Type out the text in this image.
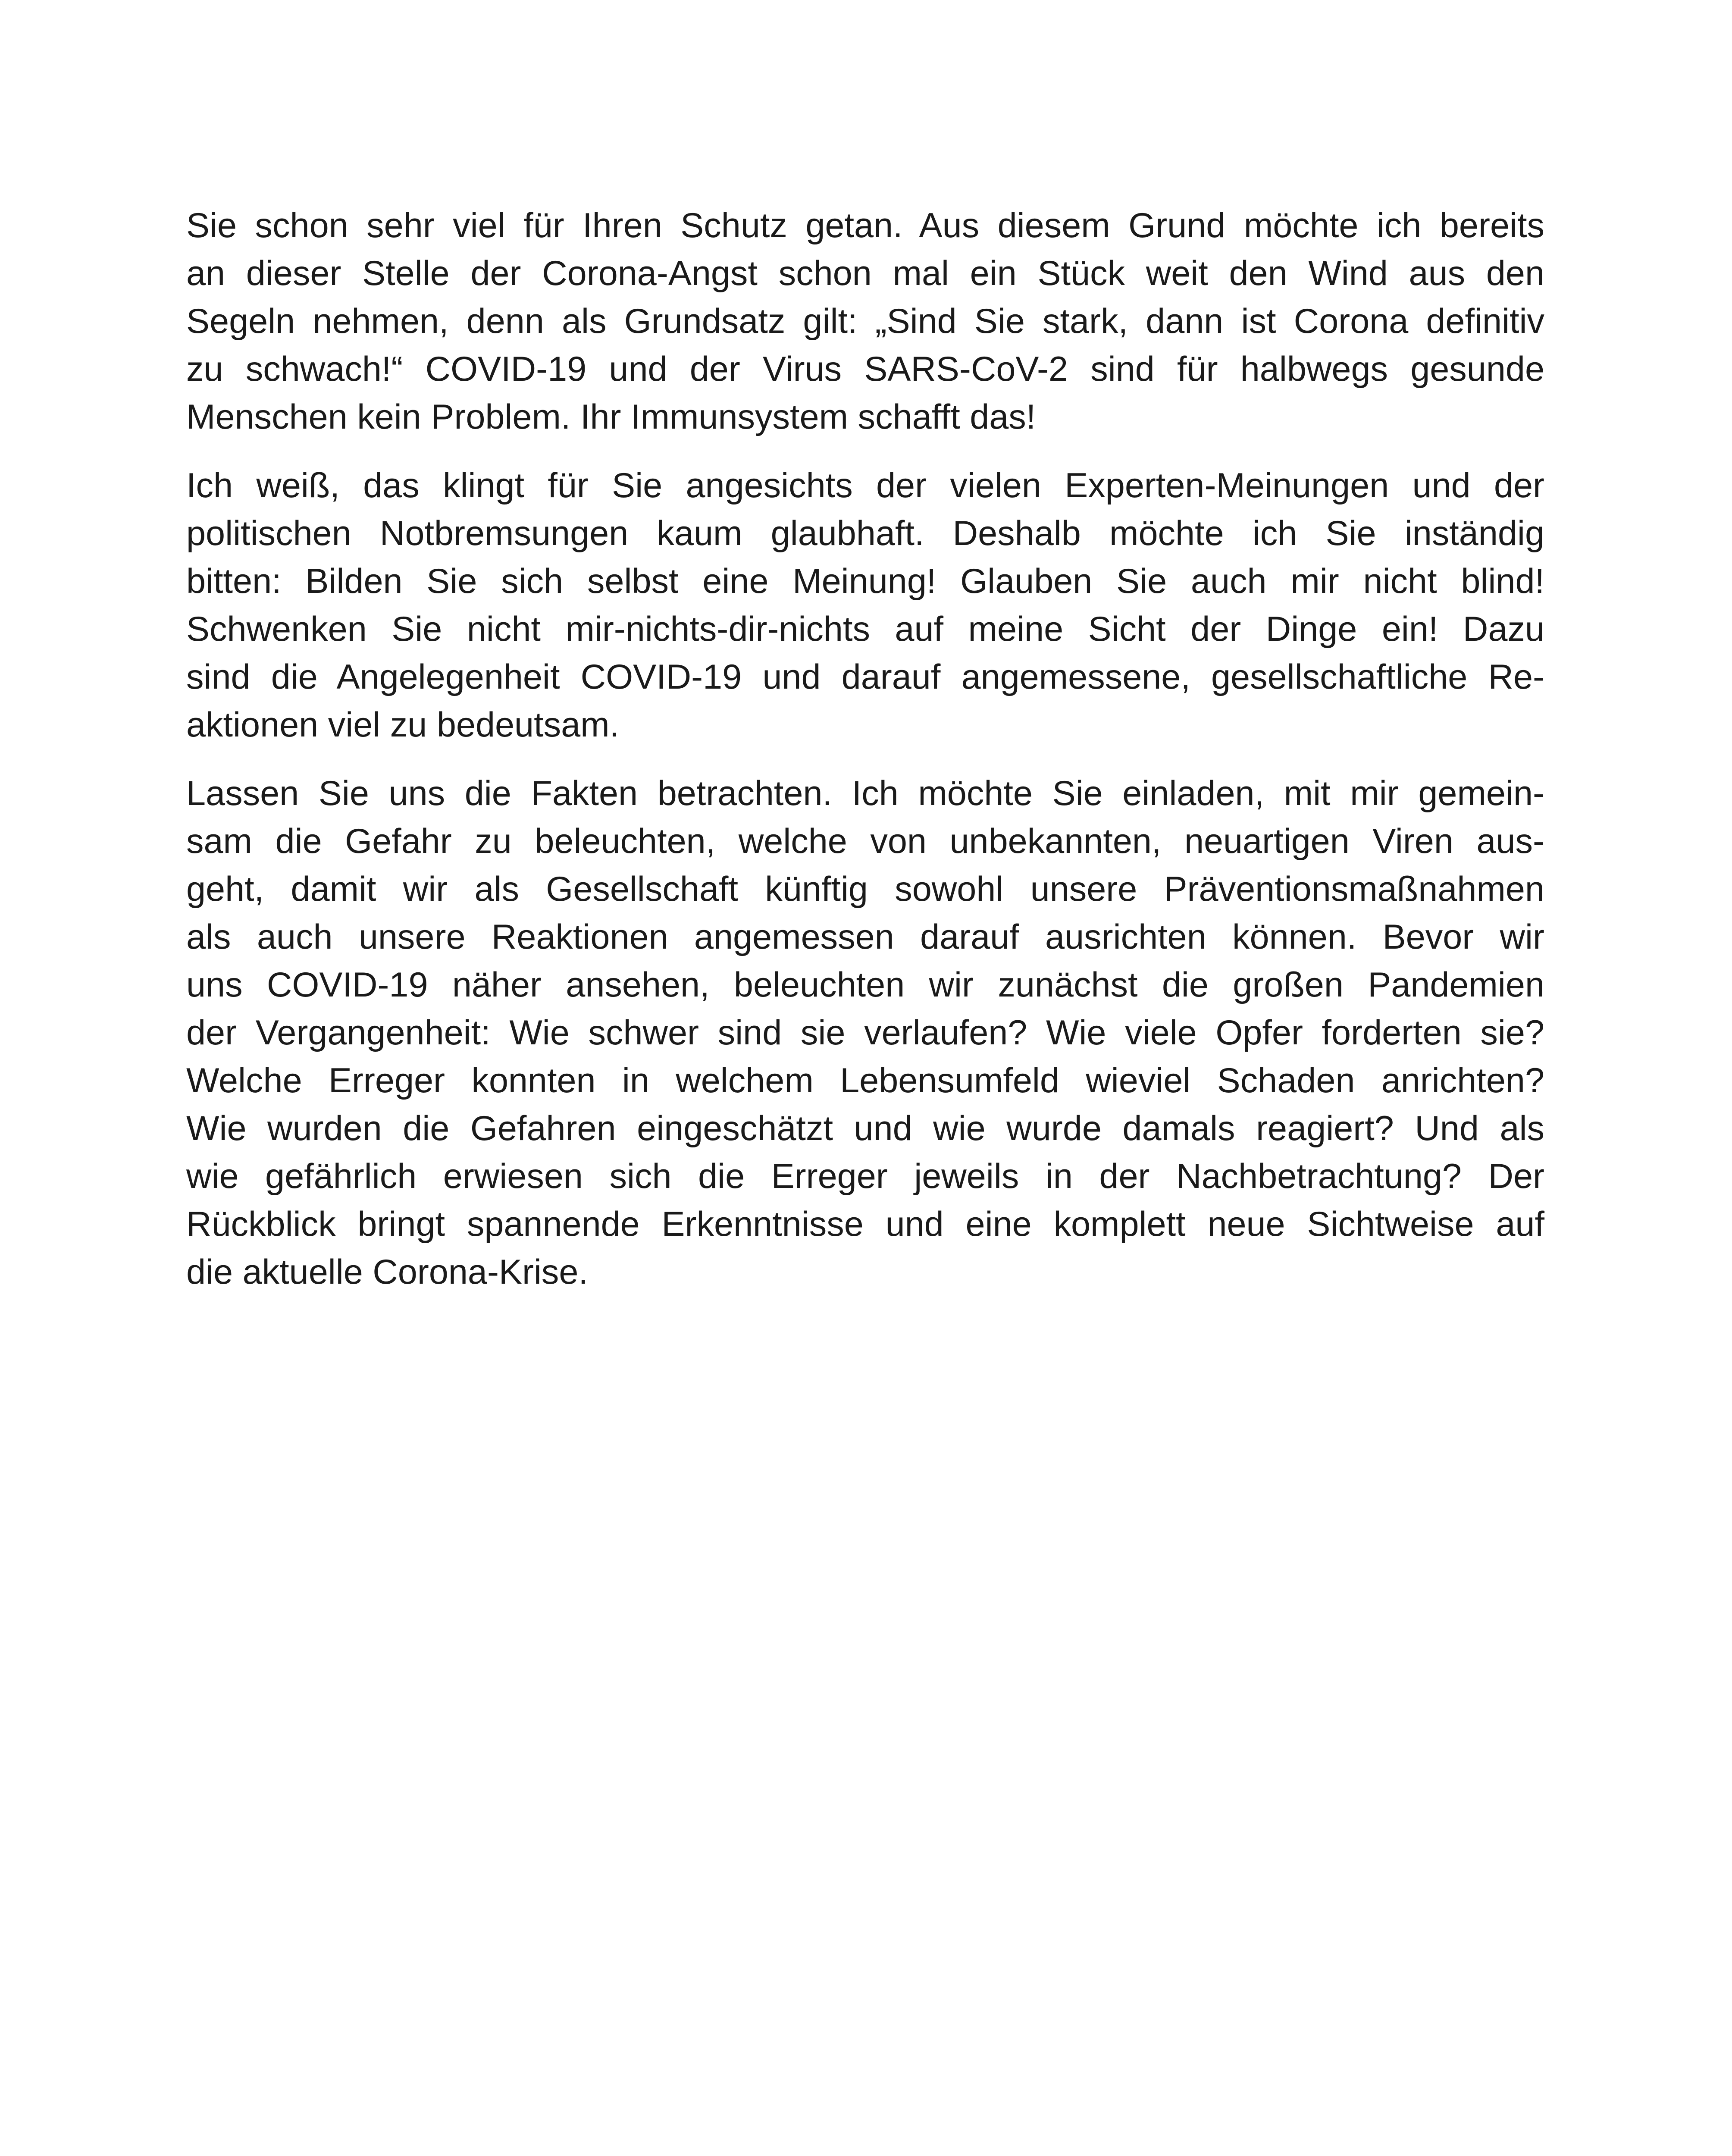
Sie schon sehr viel für Ihren Schutz getan. Aus diesem Grund möchte ich bereits
an dieser Stelle der Corona-Angst schon mal ein Stück weit den Wind aus den
Segeln nehmen, denn als Grundsatz gilt: „Sind Sie stark, dann ist Corona definitiv
zu schwach!“ COVID-19 und der Virus SARS-CoV-2 sind für halbwegs gesunde
Menschen kein Problem. Ihr Immunsystem schafft das!

Ich weiß, das klingt für Sie angesichts der vielen Experten-Meinungen und der
politischen Notbremsungen kaum glaubhaft. Deshalb möchte ich Sie inständig
bitten: Bilden Sie sich selbst eine Meinung! Glauben Sie auch mir nicht blind!
Schwenken Sie nicht mir-nichts-dir-nichts auf meine Sicht der Dinge ein! Dazu
sind die Angelegenheit COVID-19 und darauf angemessene, gesellschaftliche Re-
aktionen viel zu bedeutsam.

Lassen Sie uns die Fakten betrachten. Ich möchte Sie einladen, mit mir gemein-
sam die Gefahr zu beleuchten, welche von unbekannten, neuartigen Viren aus-
geht, damit wir als Gesellschaft künftig sowohl unsere Präventionsmaßnahmen
als auch unsere Reaktionen angemessen darauf ausrichten können. Bevor wir
uns COVID-19 näher ansehen, beleuchten wir zunächst die großen Pandemien
der Vergangenheit: Wie schwer sind sie verlaufen? Wie viele Opfer forderten sie?
Welche Erreger konnten in welchem Lebensumfeld wieviel Schaden anrichten?
Wie wurden die Gefahren eingeschätzt und wie wurde damals reagiert? Und als
wie gefährlich erwiesen sich die Erreger jeweils in der Nachbetrachtung? Der
Rückblick bringt spannende Erkenntnisse und eine komplett neue Sichtweise auf
die aktuelle Corona-Krise.
